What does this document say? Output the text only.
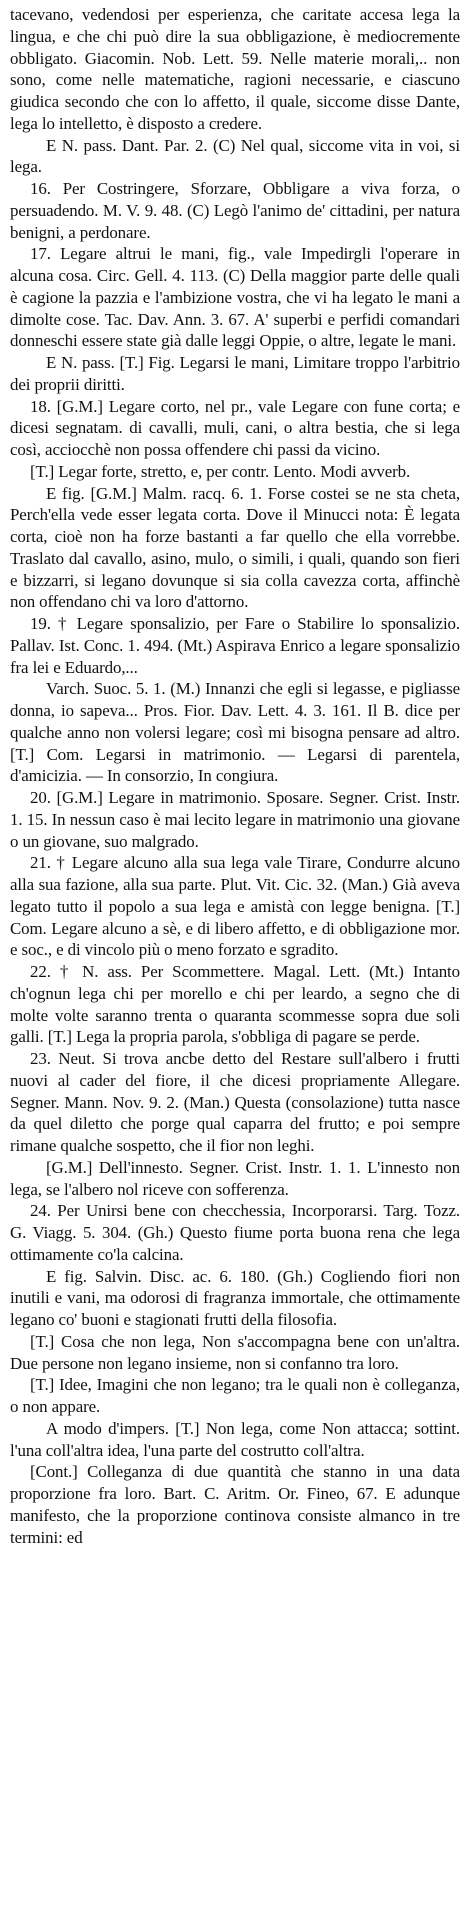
tacevano, vedendosi per esperienza, che caritate accesa lega la lingua, e che chi può dire la sua obbligazione, è mediocremente obbligato. Giacomin. Nob. Lett. 59. Nelle materie morali,.. non sono, come nelle matematiche, ragioni necessarie, e ciascuno giudica secondo che con lo affetto, il quale, siccome disse Dante, lega lo intelletto, è disposto a credere.

E N. pass. Dant. Par. 2. (C) Nel qual, siccome vita in voi, si lega.

16. Per Costringere, Sforzare, Obbligare a viva forza, o persuadendo. M. V. 9. 48. (C) Legò l'animo de' cittadini, per natura benigni, a perdonare.

17. Legare altrui le mani, fig., vale Impedirgli l'operare in alcuna cosa. Circ. Gell. 4. 113. (C) Della maggior parte delle quali è cagione la pazzia e l'ambizione vostra, che vi ha legato le mani a dimolte cose. Tac. Dav. Ann. 3. 67. A' superbi e perfidi comandari donneschi essere state già dalle leggi Oppie, o altre, legate le mani.

E N. pass. [T.] Fig. Legarsi le mani, Limitare troppo l'arbitrio dei proprii diritti.

18. [G.M.] Legare corto, nel pr., vale Legare con fune corta; e dicesi segnatam. di cavalli, muli, cani, o altra bestia, che si lega così, acciocchè non possa offendere chi passi da vicino.

[T.] Legar forte, stretto, e, per contr. Lento. Modi avverb.

E fig. [G.M.] Malm. racq. 6. 1. Forse costei se ne sta cheta, Perch'ella vede esser legata corta. Dove il Minucci nota: È legata corta, cioè non ha forze bastanti a far quello che ella vorrebbe. Traslato dal cavallo, asino, mulo, o simili, i quali, quando son fieri e bizzarri, si legano dovunque si sia colla cavezza corta, affinchè non offendano chi va loro d'attorno.

19. † Legare sponsalizio, per Fare o Stabilire lo sponsalizio. Pallav. Ist. Conc. 1. 494. (Mt.) Aspirava Enrico a legare sponsalizio fra lei e Eduardo,...

Varch. Suoc. 5. 1. (M.) Innanzi che egli si legasse, e pigliasse donna, io sapeva... Pros. Fior. Dav. Lett. 4. 3. 161. Il B. dice per qualche anno non volersi legare; così mi bisogna pensare ad altro. [T.] Com. Legarsi in matrimonio. — Legarsi di parentela, d'amicizia. — In consorzio, In congiura.

20. [G.M.] Legare in matrimonio. Sposare. Segner. Crist. Instr. 1. 15. In nessun caso è mai lecito legare in matrimonio una giovane o un giovane, suo malgrado.

21. † Legare alcuno alla sua lega vale Tirare, Condurre alcuno alla sua fazione, alla sua parte. Plut. Vit. Cic. 32. (Man.) Già aveva legato tutto il popolo a sua lega e amistà con legge benigna. [T.] Com. Legare alcuno a sè, e di libero affetto, e di obbligazione mor. e soc., e di vincolo più o meno forzato e sgradito.

22. † N. ass. Per Scommettere. Magal. Lett. (Mt.) Intanto ch'ognun lega chi per morello e chi per leardo, a segno che di molte volte saranno trenta o quaranta scommesse sopra due soli galli. [T.] Lega la propria parola, s'obbliga di pagare se perde.

23. Neut. Si trova ancbe detto del Restare sull'albero i frutti nuovi al cader del fiore, il che dicesi propriamente Allegare. Segner. Mann. Nov. 9. 2. (Man.) Questa (consolazione) tutta nasce da quel diletto che porge qual caparra del frutto; e poi sempre rimane qualche sospetto, che il fior non leghi.

[G.M.] Dell'innesto. Segner. Crist. Instr. 1. 1. L'innesto non lega, se l'albero nol riceve con sofferenza.

24. Per Unirsi bene con checchessia, Incorporarsi. Targ. Tozz. G. Viagg. 5. 304. (Gh.) Questo fiume porta buona rena che lega ottimamente co'la calcina.

E fig. Salvin. Disc. ac. 6. 180. (Gh.) Cogliendo fiori non inutili e vani, ma odorosi di fragranza immortale, che ottimamente legano co' buoni e stagionati frutti della filosofia.

[T.] Cosa che non lega, Non s'accompagna bene con un'altra. Due persone non legano insieme, non si confanno tra loro.

[T.] Idee, Imagini che non legano; tra le quali non è colleganza, o non appare.

A modo d'impers. [T.] Non lega, come Non attacca; sottint. l'una coll'altra idea, l'una parte del costrutto coll'altra.

[Cont.] Colleganza di due quantità che stanno in una data proporzione fra loro. Bart. C. Aritm. Or. Fineo, 67. E adunque manifesto, che la proporzione continova consiste almanco in tre termini: ed
